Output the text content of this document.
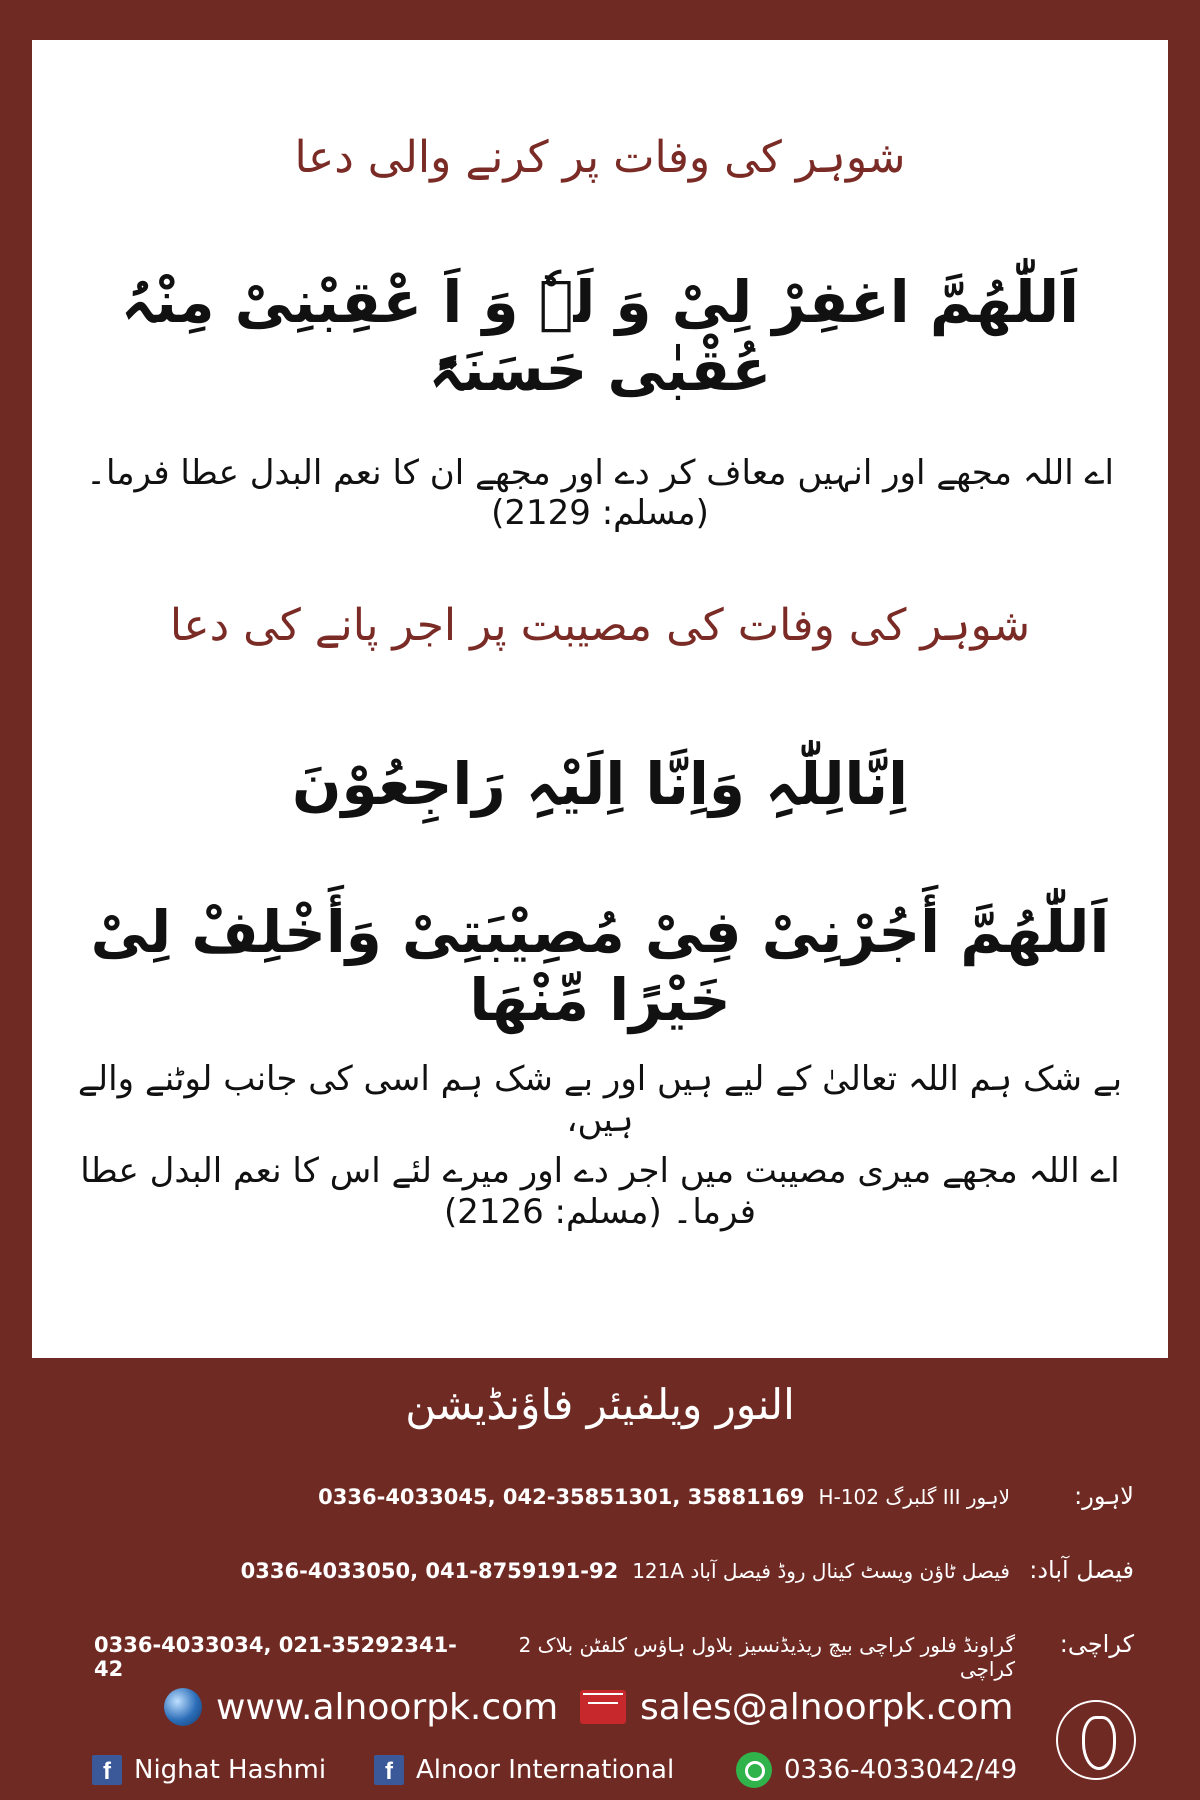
شوہر کی وفات پر کرنے والی دعا
اَللّٰھُمَّ اغفِرْ لِیْ وَ لَہٗ وَ اَ عْقِبْنِیْ مِنْہُ عُقْبٰی حَسَنَۃً
اے اللہ مجھے اور انہیں معاف کر دے اور مجھے ان کا نعم البدل عطا فرما۔ (مسلم: 2129)
شوہر کی وفات کی مصیبت پر اجر پانے کی دعا
اِنَّالِلّٰہِ وَاِنَّا اِلَیْہِ رَاجِعُوْنَ
اَللّٰھُمَّ أَجُرْنِیْ فِیْ مُصِیْبَتِیْ وَأَخْلِفْ لِیْ خَیْرًا مِّنْھَا
بے شک ہم اللہ تعالیٰ کے لیے ہیں اور بے شک ہم اسی کی جانب لوٹنے والے ہیں،
اے اللہ مجھے میری مصیبت میں اجر دے اور میرے لئے اس کا نعم البدل عطا فرما۔ (مسلم: 2126)
النور ویلفیئر فاؤنڈیشن
لاہور:
H-102 گلبرگ III لاہور
0336-4033045, 042-35851301, 35881169
فیصل آباد:
121A فیصل ٹاؤن ویسٹ کینال روڈ فیصل آباد
0336-4033050, 041-8759191-92
کراچی:
گراونڈ فلور کراچی بیچ ریذیڈنسیز بلاول ہاؤس کلفٹن بلاک 2 کراچی
0336-4033034, 021-35292341-42
www.alnoorpk.com sales@alnoorpk.com
f Nighat Hashmi	f Alnoor International	0336-4033042/49
